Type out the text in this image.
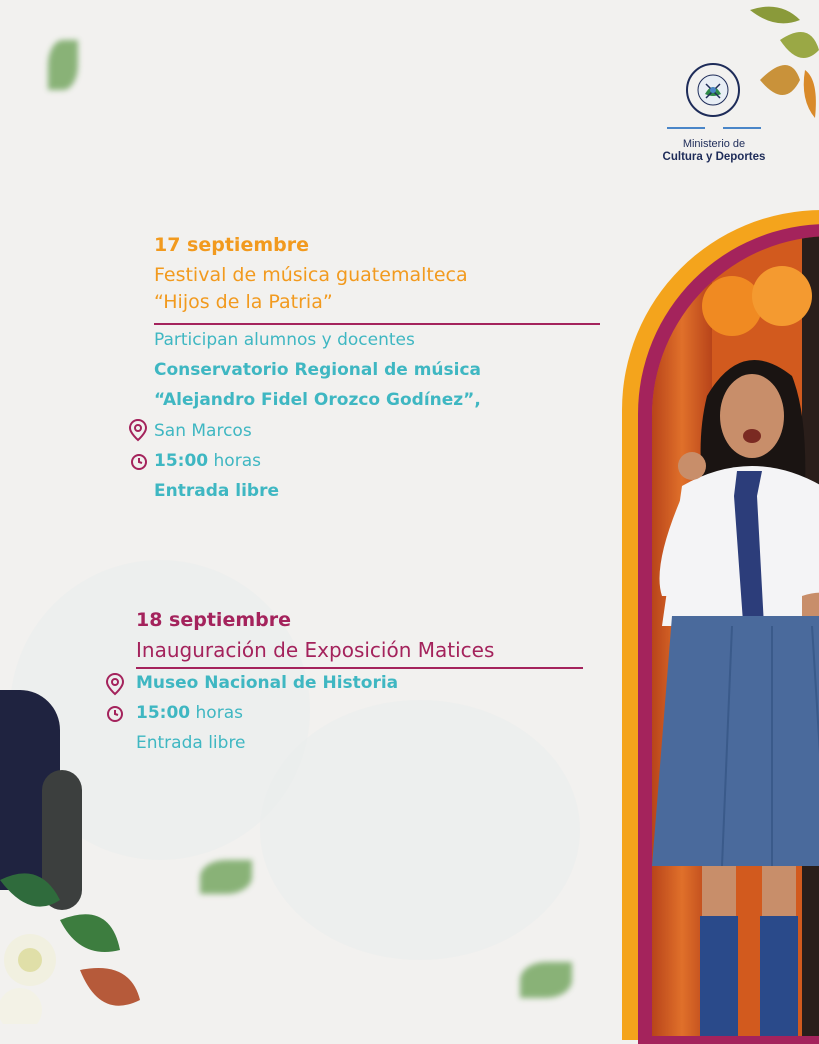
Ministerio de
Cultura y Deportes
17 septiembre
Festival de música guatemalteca
“Hijos de la Patria”
Participan alumnos y docentes
Conservatorio Regional de música
“Alejandro Fidel Orozco Godínez”,
San Marcos
15:00 horas
Entrada libre
18 septiembre
Inauguración de Exposición Matices
Museo Nacional de Historia
15:00 horas
Entrada libre
